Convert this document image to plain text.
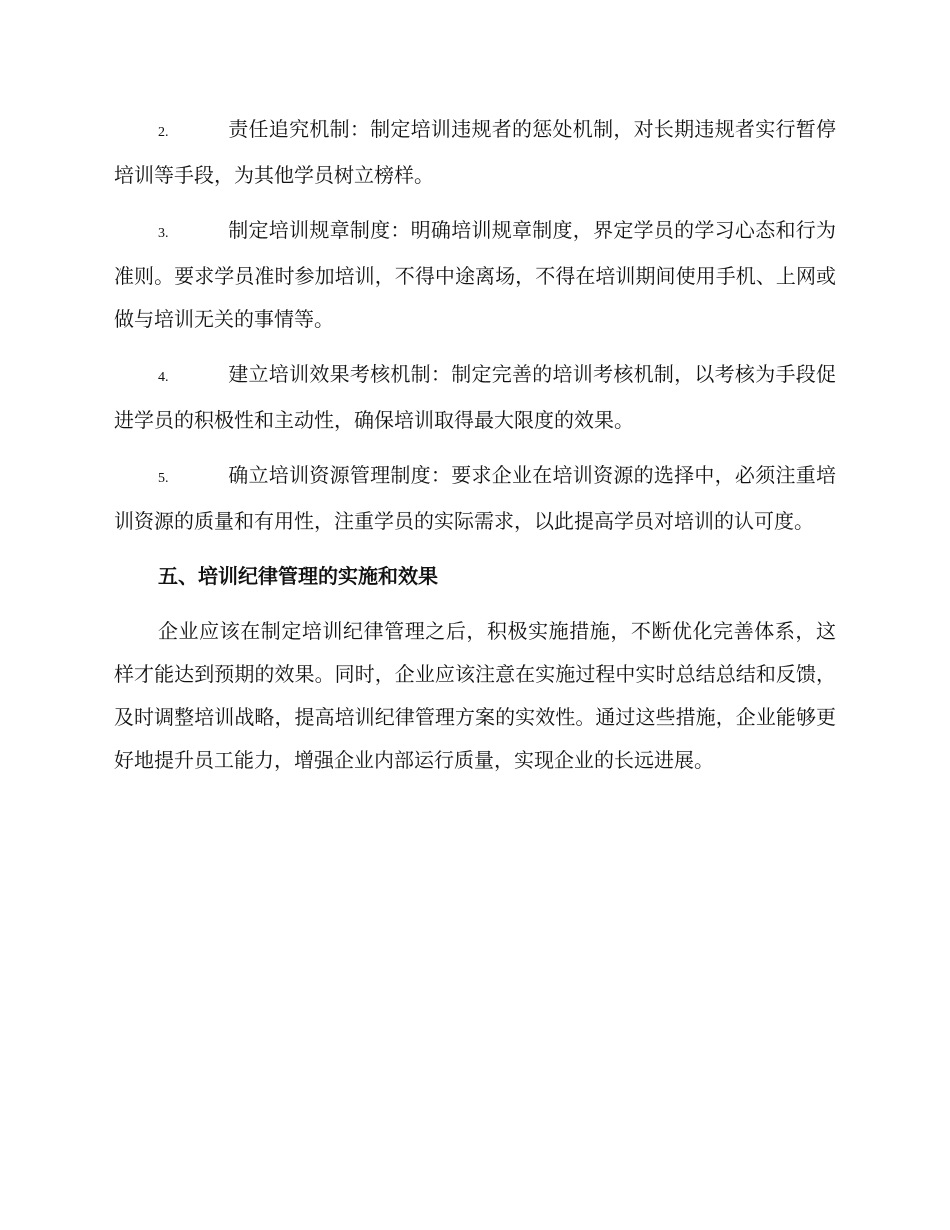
2.	责任追究机制：制定培训违规者的惩处机制，对长期违规者实行暂停培训等手段，为其他学员树立榜样。

3.	制定培训规章制度：明确培训规章制度，界定学员的学习心态和行为准则。要求学员准时参加培训，不得中途离场，不得在培训期间使用手机、上网或做与培训无关的事情等。

4.	建立培训效果考核机制：制定完善的培训考核机制，以考核为手段促进学员的积极性和主动性，确保培训取得最大限度的效果。

5.	确立培训资源管理制度：要求企业在培训资源的选择中，必须注重培训资源的质量和有用性，注重学员的实际需求，以此提高学员对培训的认可度。

五、培训纪律管理的实施和效果

企业应该在制定培训纪律管理之后，积极实施措施，不断优化完善体系，这样才能达到预期的效果。同时，企业应该注意在实施过程中实时总结总结和反馈，及时调整培训战略，提高培训纪律管理方案的实效性。通过这些措施，企业能够更好地提升员工能力，增强企业内部运行质量，实现企业的长远进展。
